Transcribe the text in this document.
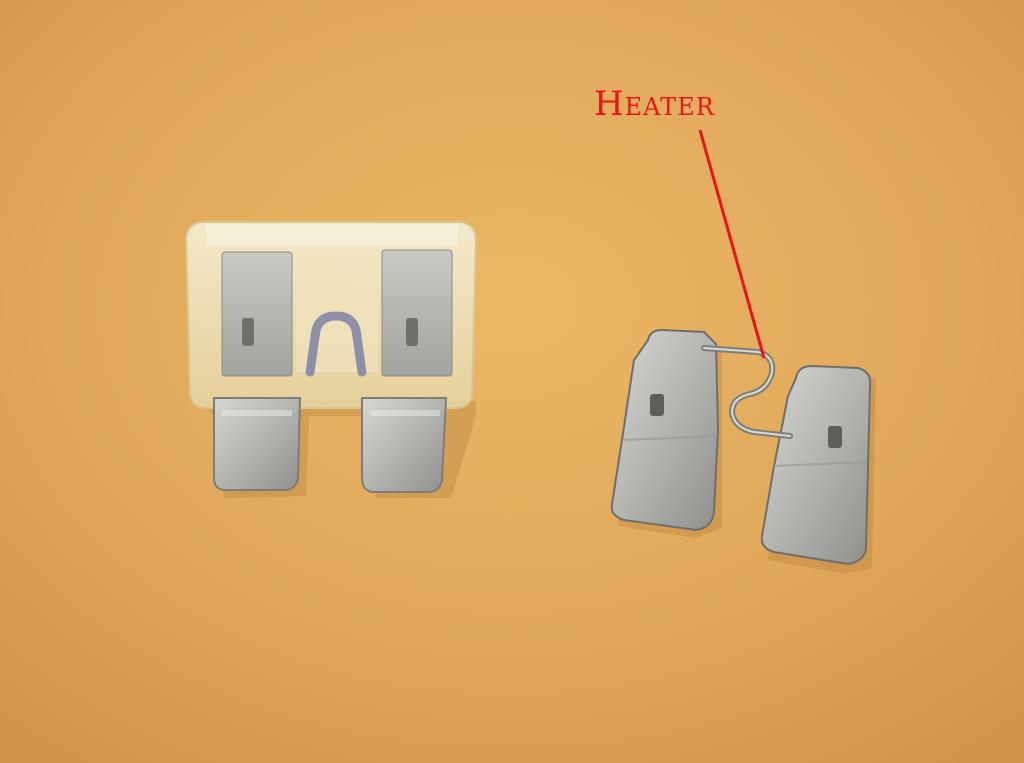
Heater
